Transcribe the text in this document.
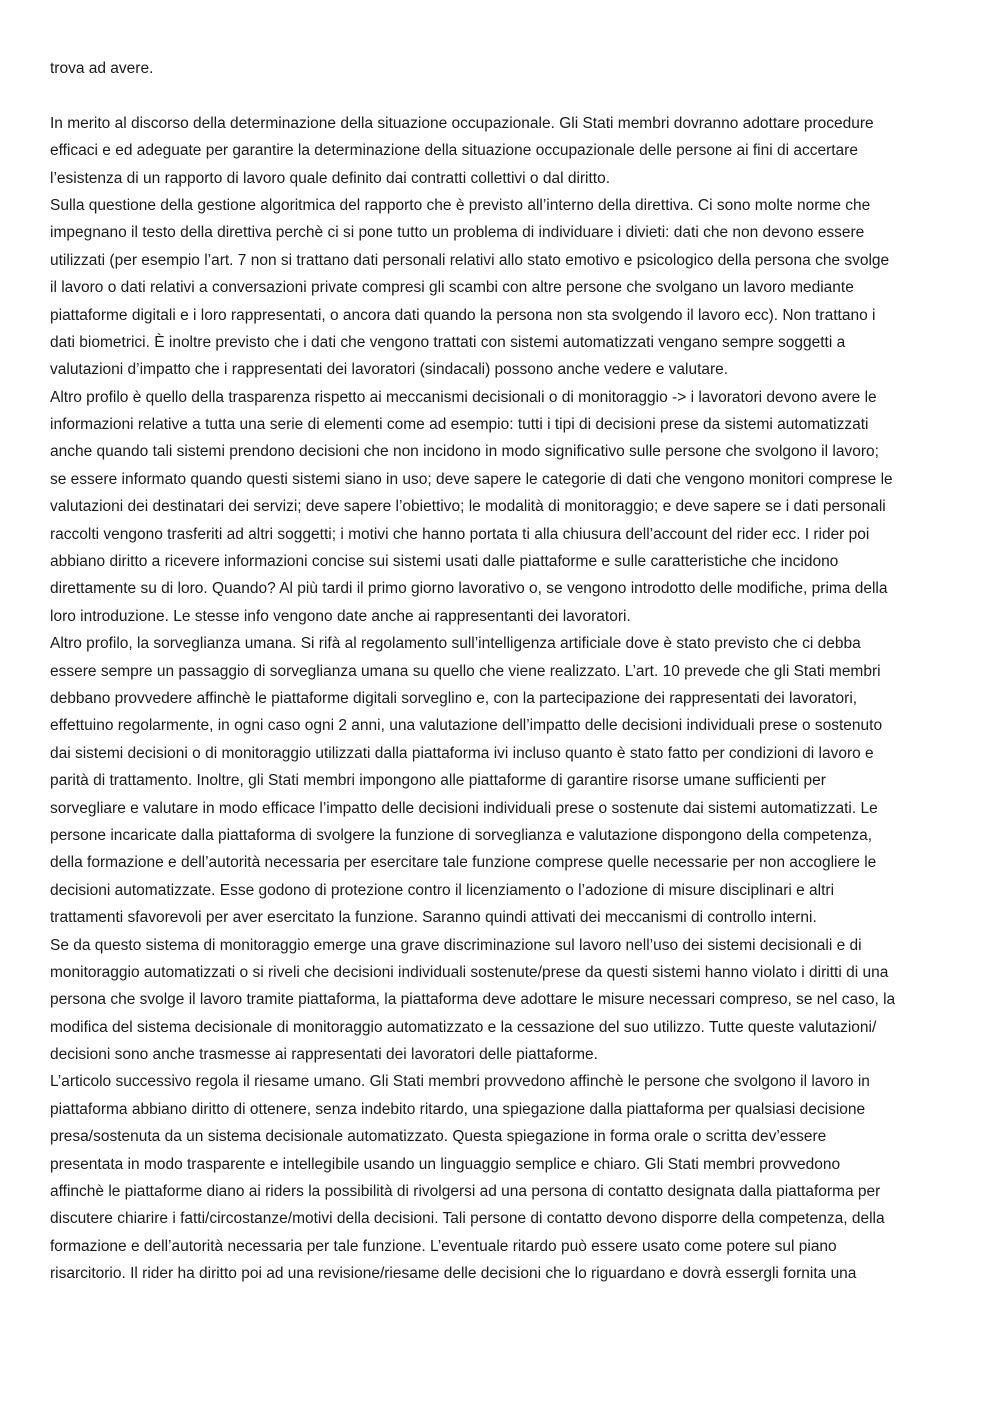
trova ad avere.
In merito al discorso della determinazione della situazione occupazionale. Gli Stati membri dovranno adottare procedure
efficaci e ed adeguate per garantire la determinazione della situazione occupazionale delle persone ai fini di accertare
l’esistenza di un rapporto di lavoro quale definito dai contratti collettivi o dal diritto.
Sulla questione della gestione algoritmica del rapporto che è previsto all’interno della direttiva. Ci sono molte norme che
impegnano il testo della direttiva perchè ci si pone tutto un problema di individuare i divieti: dati che non devono essere
utilizzati (per esempio l’art. 7 non si trattano dati personali relativi allo stato emotivo e psicologico della persona che svolge
il lavoro o dati relativi a conversazioni private compresi gli scambi con altre persone che svolgano un lavoro mediante
piattaforme digitali e i loro rappresentati, o ancora dati quando la persona non sta svolgendo il lavoro ecc). Non trattano i
dati biometrici. È inoltre previsto che i dati che vengono trattati con sistemi automatizzati vengano sempre soggetti a
valutazioni d’impatto che i rappresentati dei lavoratori (sindacali) possono anche vedere e valutare.
Altro profilo è quello della trasparenza rispetto ai meccanismi decisionali o di monitoraggio -> i lavoratori devono avere le
informazioni relative a tutta una serie di elementi come ad esempio: tutti i tipi di decisioni prese da sistemi automatizzati
anche quando tali sistemi prendono decisioni che non incidono in modo significativo sulle persone che svolgono il lavoro;
se essere informato quando questi sistemi siano in uso; deve sapere le categorie di dati che vengono monitori comprese le
valutazioni dei destinatari dei servizi; deve sapere l’obiettivo; le modalità di monitoraggio; e deve sapere se i dati personali
raccolti vengono trasferiti ad altri soggetti; i motivi che hanno portata ti alla chiusura dell’account del rider ecc. I rider poi
abbiano diritto a ricevere informazioni concise sui sistemi usati dalle piattaforme e sulle caratteristiche che incidono
direttamente su di loro. Quando? Al più tardi il primo giorno lavorativo o, se vengono introdotto delle modifiche, prima della
loro introduzione. Le stesse info vengono date anche ai rappresentanti dei lavoratori.
Altro profilo, la sorveglianza umana. Si rifà al regolamento sull’intelligenza artificiale dove è stato previsto che ci debba
essere sempre un passaggio di sorveglianza umana su quello che viene realizzato. L’art. 10 prevede che gli Stati membri
debbano provvedere affinchè le piattaforme digitali sorveglino e, con la partecipazione dei rappresentati dei lavoratori,
effettuino regolarmente, in ogni caso ogni 2 anni, una valutazione dell’impatto delle decisioni individuali prese o sostenuto
dai sistemi decisioni o di monitoraggio utilizzati dalla piattaforma ivi incluso quanto è stato fatto per condizioni di lavoro e
parità di trattamento. Inoltre, gli Stati membri impongono alle piattaforme di garantire risorse umane sufficienti per
sorvegliare e valutare in modo efficace l’impatto delle decisioni individuali prese o sostenute dai sistemi automatizzati. Le
persone incaricate dalla piattaforma di svolgere la funzione di sorveglianza e valutazione dispongono della competenza,
della formazione e dell’autorità necessaria per esercitare tale funzione comprese quelle necessarie per non accogliere le
decisioni automatizzate. Esse godono di protezione contro il licenziamento o l’adozione di misure disciplinari e altri
trattamenti sfavorevoli per aver esercitato la funzione. Saranno quindi attivati dei meccanismi di controllo interni.
Se da questo sistema di monitoraggio emerge una grave discriminazione sul lavoro nell’uso dei sistemi decisionali e di
monitoraggio automatizzati o si riveli che decisioni individuali sostenute/prese da questi sistemi hanno violato i diritti di una
persona che svolge il lavoro tramite piattaforma, la piattaforma deve adottare le misure necessari compreso, se nel caso, la
modifica del sistema decisionale di monitoraggio automatizzato e la cessazione del suo utilizzo. Tutte queste valutazioni/
decisioni sono anche trasmesse ai rappresentati dei lavoratori delle piattaforme.
L’articolo successivo regola il riesame umano. Gli Stati membri provvedono affinchè le persone che svolgono il lavoro in
piattaforma abbiano diritto di ottenere, senza indebito ritardo, una spiegazione dalla piattaforma per qualsiasi decisione
presa/sostenuta da un sistema decisionale automatizzato. Questa spiegazione in forma orale o scritta dev’essere
presentata in modo trasparente e intellegibile usando un linguaggio semplice e chiaro. Gli Stati membri provvedono
affinchè le piattaforme diano ai riders la possibilità di rivolgersi ad una persona di contatto designata dalla piattaforma per
discutere chiarire i fatti/circostanze/motivi della decisioni. Tali persone di contatto devono disporre della competenza, della
formazione e dell’autorità necessaria per tale funzione. L’eventuale ritardo può essere usato come potere sul piano
risarcitorio. Il rider ha diritto poi ad una revisione/riesame delle decisioni che lo riguardano e dovrà essergli fornita una
